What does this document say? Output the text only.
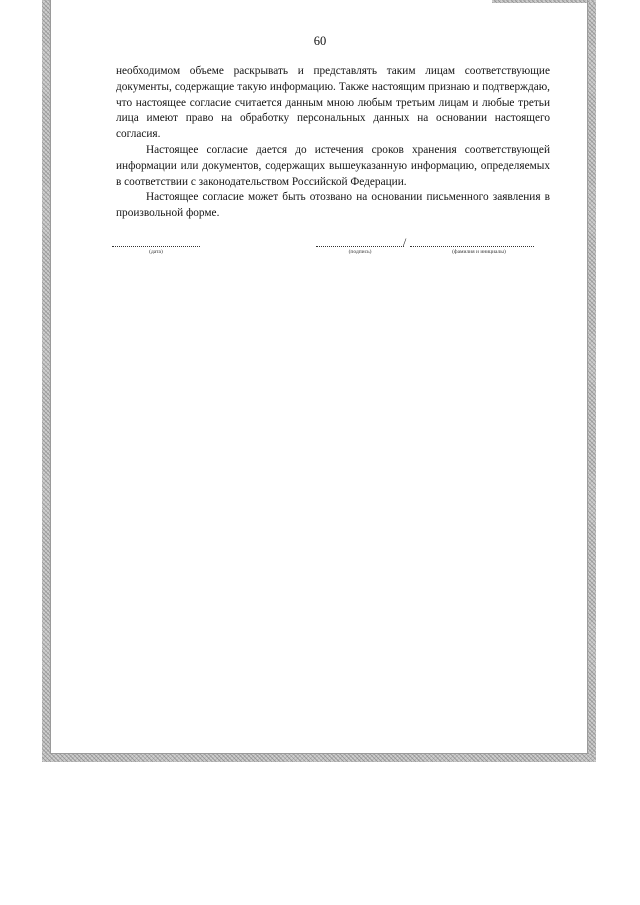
60

необходимом объеме раскрывать и представлять таким лицам соответствующие документы, содержащие такую информацию. Также настоящим признаю и подтверждаю, что настоящее согласие считается данным мною любым третьим лицам и любые третьи лица имеют право на обработку персональных данных на основании настоящего согласия.

Настоящее согласие дается до истечения сроков хранения соответствующей информации или документов, содержащих вышеуказанную информацию, определяемых в соответствии с законодательством Российской Федерации.

Настоящее согласие может быть отозвано на основании письменного заявления в произвольной форме.

(дата)
/
(подпись)	(фамилия и инициалы)
